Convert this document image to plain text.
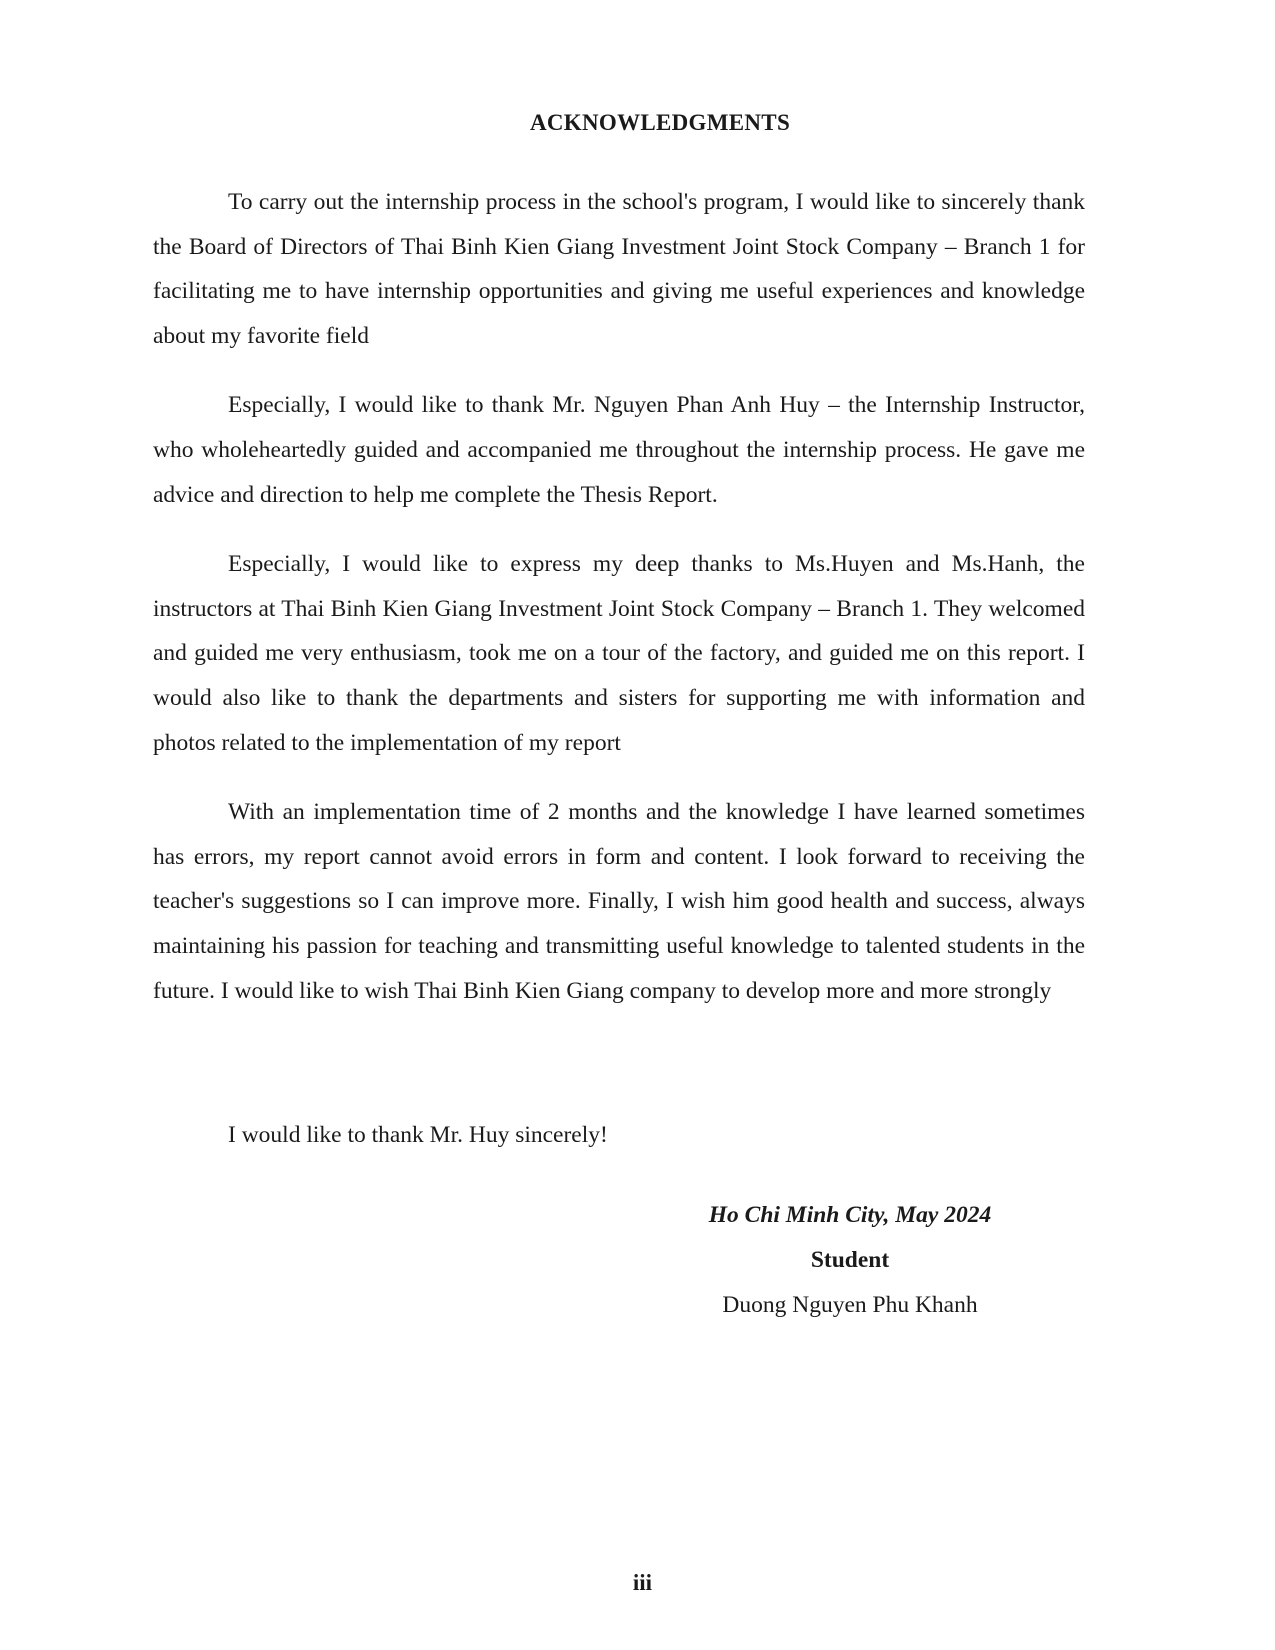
ACKNOWLEDGMENTS

To carry out the internship process in the school's program, I would like to sincerely thank the Board of Directors of Thai Binh Kien Giang Investment Joint Stock Company – Branch 1 for facilitating me to have internship opportunities and giving me useful experiences and knowledge about my favorite field

Especially, I would like to thank Mr. Nguyen Phan Anh Huy – the Internship Instructor, who wholeheartedly guided and accompanied me throughout the internship process. He gave me advice and direction to help me complete the Thesis Report.

Especially, I would like to express my deep thanks to Ms.Huyen and Ms.Hanh, the instructors at Thai Binh Kien Giang Investment Joint Stock Company – Branch 1. They welcomed and guided me very enthusiasm, took me on a tour of the factory, and guided me on this report. I would also like to thank the departments and sisters for supporting me with information and photos related to the implementation of my report

With an implementation time of 2 months and the knowledge I have learned sometimes has errors, my report cannot avoid errors in form and content. I look forward to receiving the teacher's suggestions so I can improve more. Finally, I wish him good health and success, always maintaining his passion for teaching and transmitting useful knowledge to talented students in the future. I would like to wish Thai Binh Kien Giang company to develop more and more strongly

I would like to thank Mr. Huy sincerely!
Ho Chi Minh City, May 2024
Student
Duong Nguyen Phu Khanh
iii
